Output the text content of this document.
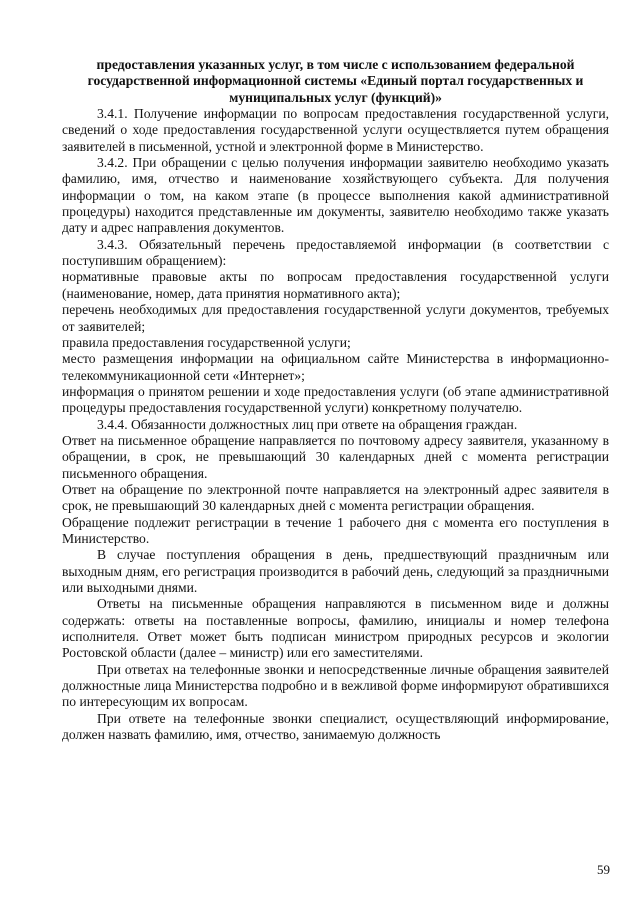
предоставления указанных услуг, в том числе с использованием федеральной государственной информационной системы «Единый портал государственных и муниципальных услуг (функций)»

3.4.1. Получение информации по вопросам предоставления государственной услуги, сведений о ходе предоставления государственной услуги осуществляется путем обращения заявителей в письменной, устной и электронной форме в Министерство.

3.4.2. При обращении с целью получения информации заявителю необходимо указать фамилию, имя, отчество и наименование хозяйствующего субъекта. Для получения информации о том, на каком этапе (в процессе выполнения какой административной процедуры) находится представленные им документы, заявителю необходимо также указать дату и адрес направления документов.

3.4.3. Обязательный перечень предоставляемой информации (в соответствии с поступившим обращением):

нормативные правовые акты по вопросам предоставления государственной услуги (наименование, номер, дата принятия нормативного акта);

перечень необходимых для предоставления государственной услуги документов, требуемых от заявителей;

правила предоставления государственной услуги;

место размещения информации на официальном сайте Министерства в информационно-телекоммуникационной сети «Интернет»;

информация о принятом решении и ходе предоставления услуги (об этапе административной процедуры предоставления государственной услуги) конкретному получателю.

3.4.4. Обязанности должностных лиц при ответе на обращения граждан.

Ответ на письменное обращение направляется по почтовому адресу заявителя, указанному в обращении, в срок, не превышающий 30 календарных дней с момента регистрации письменного обращения.

Ответ на обращение по электронной почте направляется на электронный адрес заявителя в срок, не превышающий 30 календарных дней с момента регистрации обращения.

Обращение подлежит регистрации в течение 1 рабочего дня с момента его поступления в Министерство.

В случае поступления обращения в день, предшествующий праздничным или выходным дням, его регистрация производится в рабочий день, следующий за праздничными или выходными днями.

Ответы на письменные обращения направляются в письменном виде и должны содержать: ответы на поставленные вопросы, фамилию, инициалы и номер телефона исполнителя. Ответ может быть подписан министром природных ресурсов и экологии Ростовской области (далее – министр) или его заместителями.

При ответах на телефонные звонки и непосредственные личные обращения заявителей должностные лица Министерства подробно и в вежливой форме информируют обратившихся по интересующим их вопросам.

При ответе на телефонные звонки специалист, осуществляющий информирование, должен назвать фамилию, имя, отчество, занимаемую должность

59
